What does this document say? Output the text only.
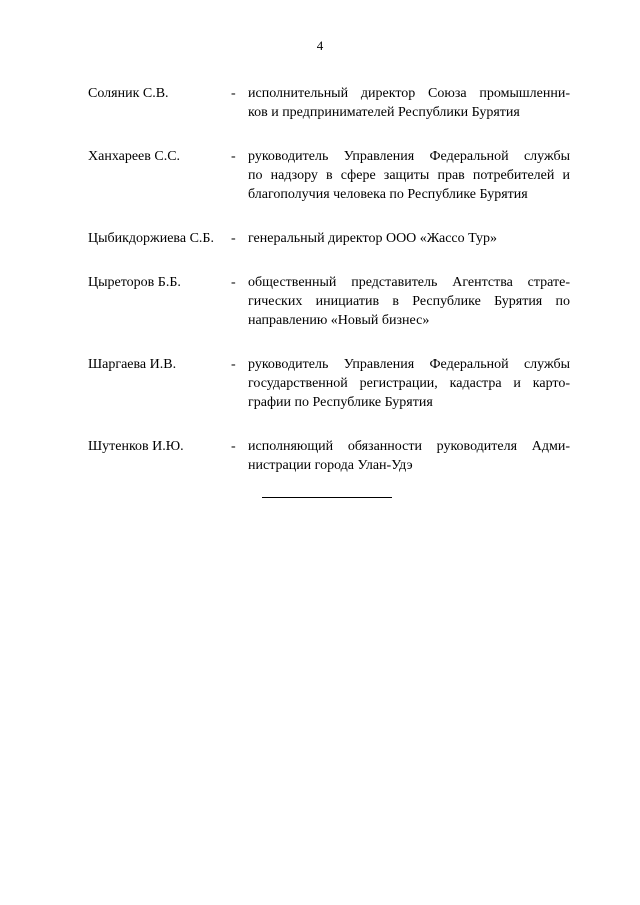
4
Соляник С.В.	- исполнительный директор Союза промышленни-
ков и предпринимателей Республики Бурятия
Ханхареев С.С.	- руководитель Управления Федеральной службы
по надзору в сфере защиты прав потребителей и
благополучия человека по Республике Бурятия
Цыбикдоржиева С.Б.	- генеральный директор ООО «Жассо Тур»
Цыреторов Б.Б.	- общественный представитель Агентства страте-
гических инициатив в Республике Бурятия по
направлению «Новый бизнес»
Шаргаева И.В.	- руководитель Управления Федеральной службы
государственной регистрации, кадастра и карто-
графии по Республике Бурятия
Шутенков И.Ю.	- исполняющий обязанности руководителя Адми-
нистрации города Улан-Удэ
